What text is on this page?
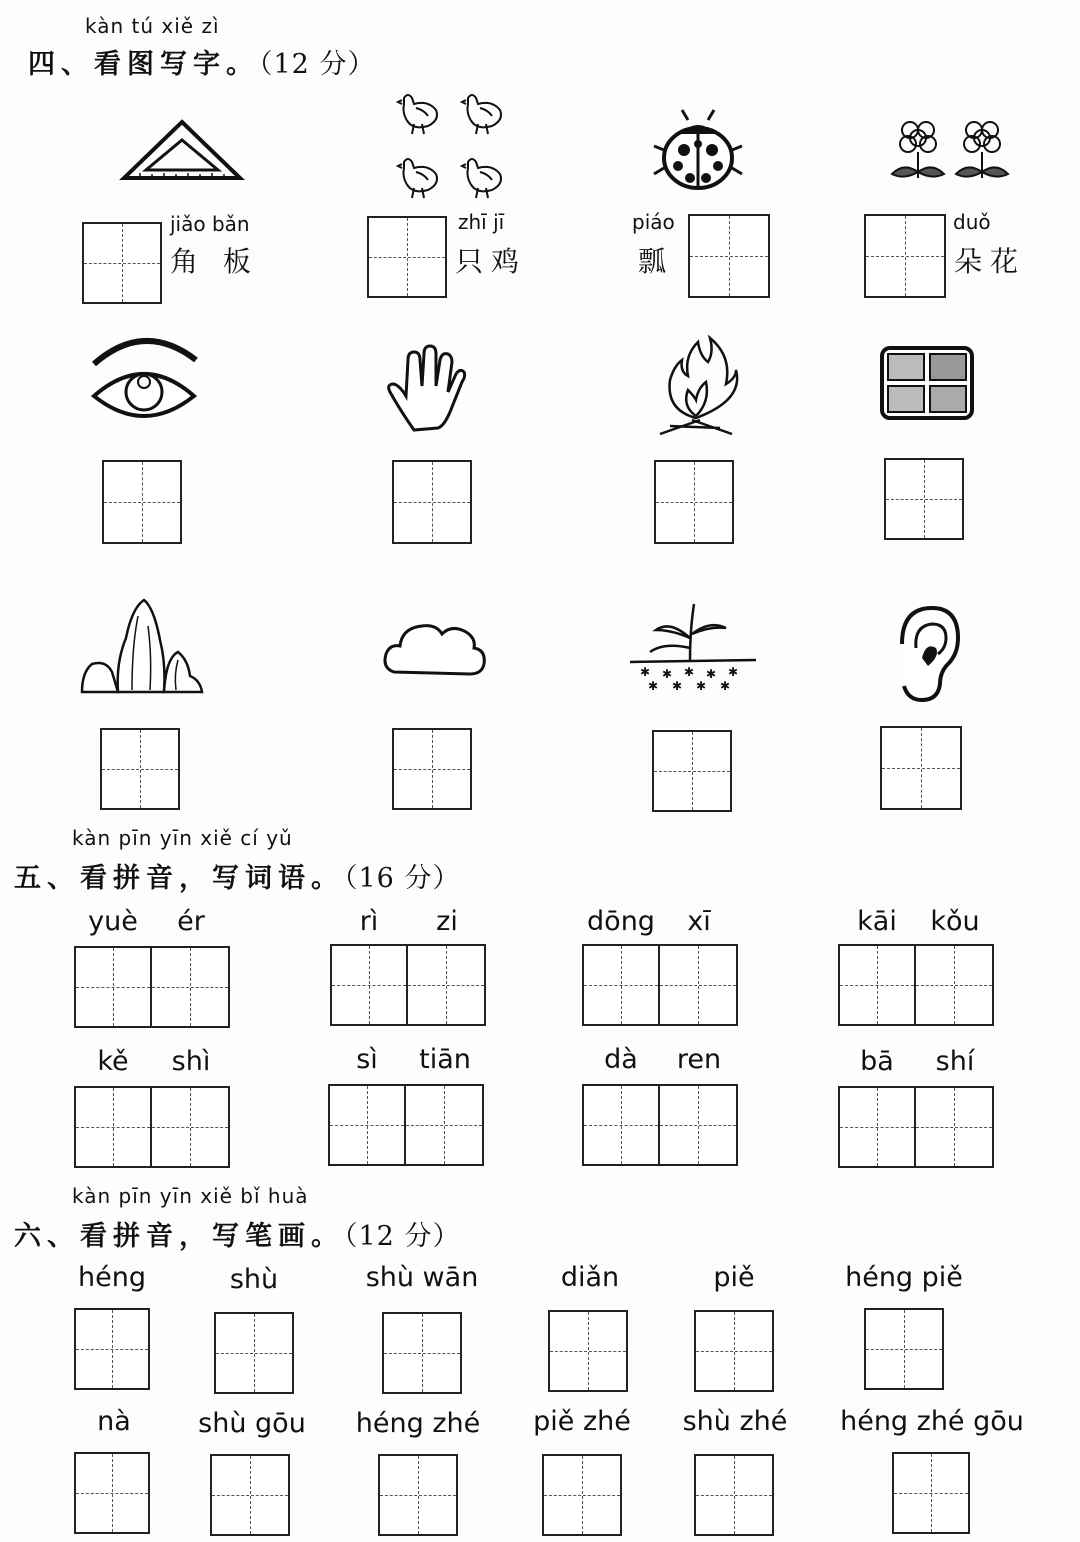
kàn tú xiě zì
四、看图写字。（12 分）
jiǎo bǎn
角 板
zhī jī
只鸡
piáo
瓢
duǒ
朵花
✱ ✱ ✱ ✱ ✱
✱ ✱ ✱ ✱
kàn pīn yīn xiě cí yǔ
五、看拼音，写词语。（16 分）
yuè	ér	rì	zi	dōng	xī	kāi	kǒu
kě	shì	sì	tiān	dà	ren	bā	shí
kàn pīn yīn xiě bǐ huà
六、看拼音，写笔画。（12 分）
héng	shù	shù wān	diǎn	piě	héng piě
nà	shù gōu	héng zhé	piě zhé	shù zhé	héng zhé gōu
